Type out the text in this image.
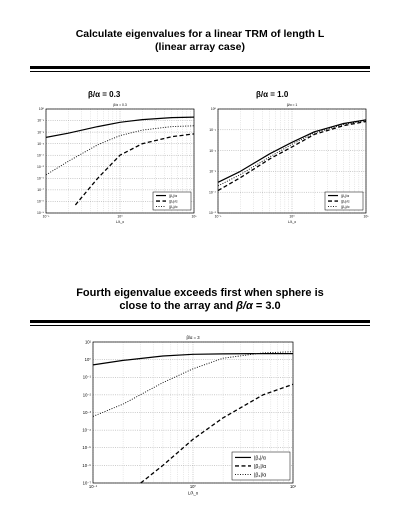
Calculate eigenvalues for a linear TRM of length L
(linear array case)
β/α = 0.3	β/α = 1.0
β/α = 0.3
10⁻¹	10⁰	10¹
10⁰
10⁻¹
10⁻²
10⁻³
10⁻⁴
10⁻⁵
10⁻⁶
10⁻⁷
10⁻⁸
10⁻⁹
L/λ_o
|β₁|/α
|β₂|/α
|β₃|/α
β/α = 1
10⁻¹	10⁰	10¹
10⁰
10⁻¹
10⁻²
10⁻³
10⁻⁴
10⁻⁵
L/λ_o
|β₁|/α
|β₂|/α
|β₃|/α
Fourth eigenvalue exceeds first when sphere is
close to the array and β/α = 3.0
β/α = 3
10⁻¹	10⁰	10¹
10¹
10⁰
10⁻¹
10⁻²
10⁻³
10⁻⁴
10⁻⁵
10⁻⁶
10⁻⁷
L/λ_o
|β₁|/α
|β₂|/α
|β₄|/α
